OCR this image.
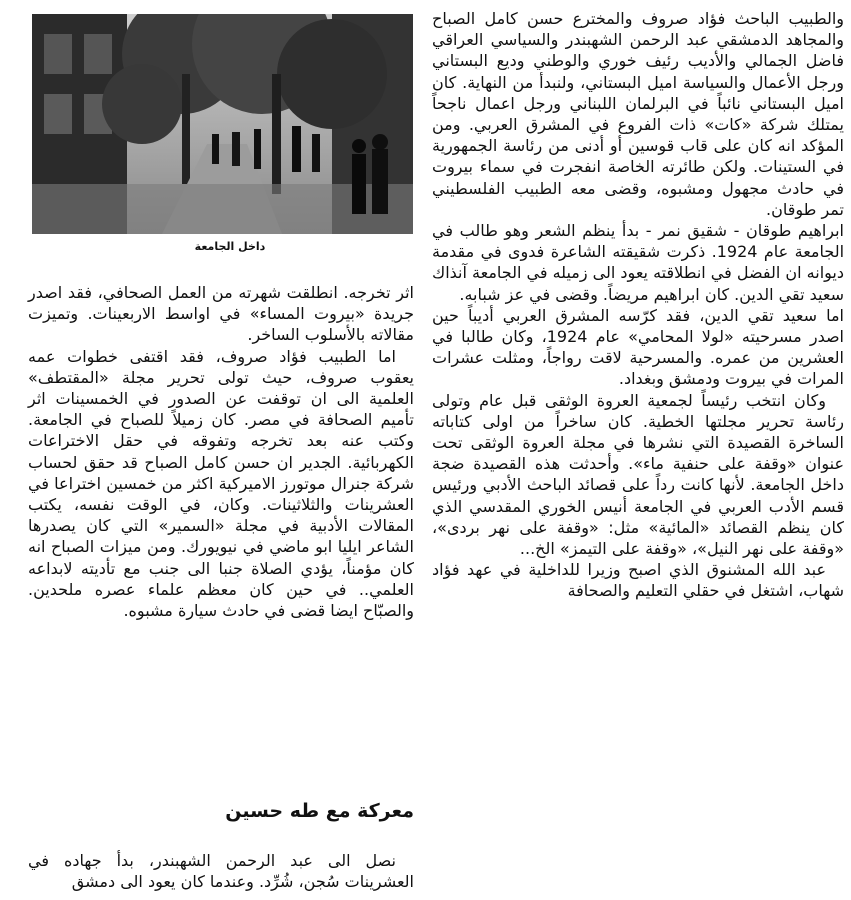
والطبيب الباحث فؤاد صروف والمخترع حسن كامل الصباح والمجاهد الدمشقي عبد الرحمن الشهبندر والسياسي العراقي فاضل الجمالي والأديب رئيف خوري والوطني وديع البستاني ورجل الأعمال والسياسة اميل البستاني، ولنبدأ من النهاية. كان اميل البستاني نائباً في البرلمان اللبناني ورجل اعمال ناجحاً يمتلك شركة «كات» ذات الفروع في المشرق العربي. ومن المؤكد انه كان على قاب قوسين أو أدنى من رئاسة الجمهورية في الستينات. ولكن طائرته الخاصة انفجرت في سماء بيروت في حادث مجهول ومشبوه، وقضى معه الطبيب الفلسطيني تمر طوقان.

ابراهيم طوقان - شقيق نمر - بدأ ينظم الشعر وهو طالب في الجامعة عام 1924. ذكرت شقيقته الشاعرة فدوى في مقدمة ديوانه ان الفضل في انطلاقته يعود الى زميله في الجامعة آنذاك سعيد تقي الدين. كان ابراهيم مريضاً. وقضى في عز شبابه.

اما سعيد تقي الدين، فقد كرّسه المشرق العربي أديباً حين اصدر مسرحيته «لولا المحامي» عام 1924، وكان طالبا في العشرين من عمره. والمسرحية لاقت رواجاً، ومثلت عشرات المرات في بيروت ودمشق وبغداد.

وكان انتخب رئيساً لجمعية العروة الوثقى قبل عام وتولى رئاسة تحرير مجلتها الخطية. كان ساخراً من اولى كتاباته الساخرة القصيدة التي نشرها في مجلة العروة الوثقى تحت عنوان «وقفة على حنفية ماء». وأحدثت هذه القصيدة ضجة داخل الجامعة. لأنها كانت رداً على قصائد الباحث الأدبي ورئيس قسم الأدب العربي في الجامعة أنيس الخوري المقدسي الذي كان ينظم القصائد «المائية» مثل: «وقفة على نهر بردى»، «وقفة على نهر النيل»، «وقفة على التيمز» الخ...

عبد الله المشنوق الذي اصبح وزيرا للداخلية في عهد فؤاد شهاب، اشتغل في حقلي التعليم والصحافة

داخل الجامعة

اثر تخرجه. انطلقت شهرته من العمل الصحافي، فقد اصدر جريدة «بيروت المساء» في اواسط الاربعينات. وتميزت مقالاته بالأسلوب الساخر.

اما الطبيب فؤاد صروف، فقد اقتفى خطوات عمه يعقوب صروف، حيث تولى تحرير مجلة «المقتطف» العلمية الى ان توقفت عن الصدور في الخمسينات اثر تأميم الصحافة في مصر. كان زميلاً للصباح في الجامعة. وكتب عنه بعد تخرجه وتفوقه في حقل الاختراعات الكهربائية. الجدير ان حسن كامل الصباح قد حقق لحساب شركة جنرال موتورز الاميركية اكثر من خمسين اختراعا في العشرينات والثلاثينات. وكان، في الوقت نفسه، يكتب المقالات الأدبية في مجلة «السمير» التي كان يصدرها الشاعر ايليا ابو ماضي في نيويورك. ومن ميزات الصباح انه كان مؤمناً، يؤدي الصلاة جنبا الى جنب مع تأديته لابداعه العلمي.. في حين كان معظم علماء عصره ملحدين. والصبّاح ايضا قضى في حادث سيارة مشبوه.

معركة مع طه حسين

نصل الى عبد الرحمن الشهبندر، بدأ جهاده في العشرينات سُجن، شُرِّد. وعندما كان يعود الى دمشق
